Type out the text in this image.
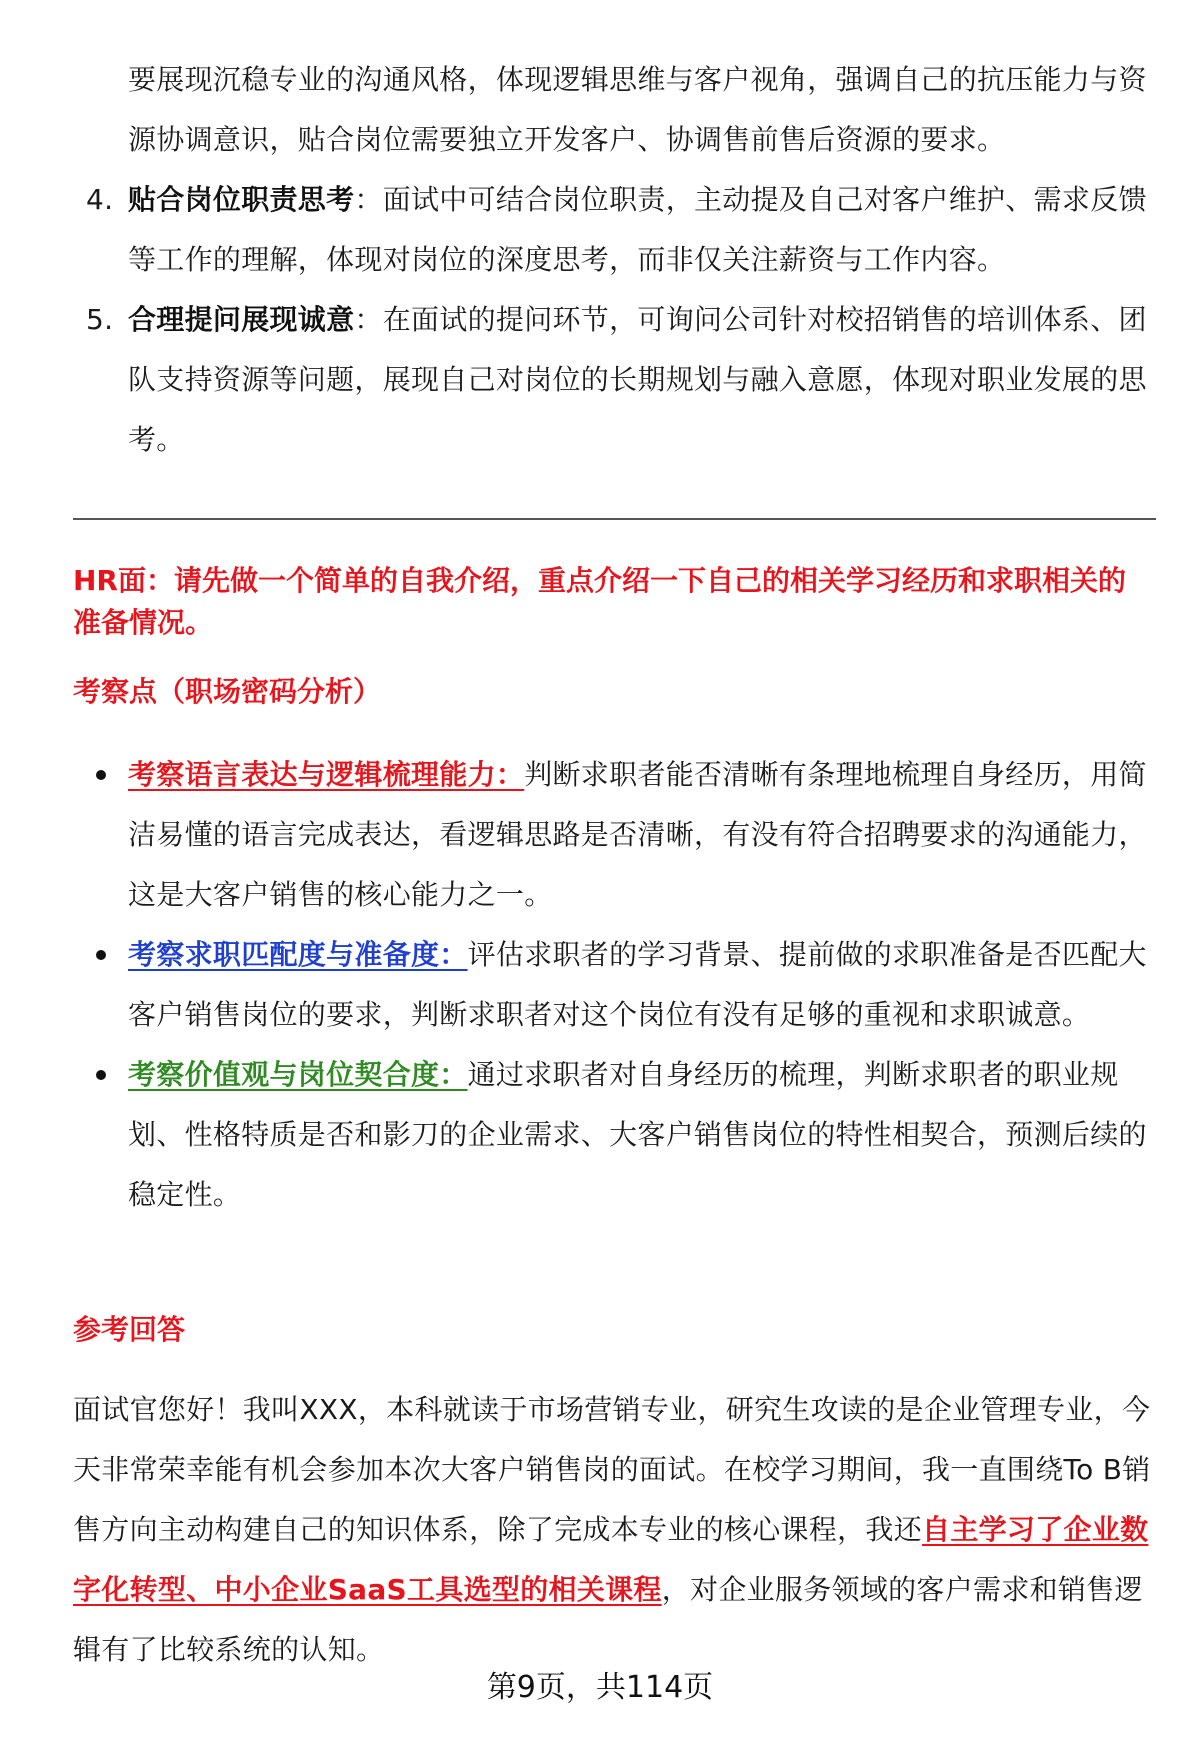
要展现沉稳专业的沟通风格，体现逻辑思维与客户视角，强调自己的抗压能力与资源协调意识，贴合岗位需要独立开发客户、协调售前售后资源的要求。
4. 贴合岗位职责思考：面试中可结合岗位职责，主动提及自己对客户维护、需求反馈等工作的理解，体现对岗位的深度思考，而非仅关注薪资与工作内容。
5. 合理提问展现诚意：在面试的提问环节，可询问公司针对校招销售的培训体系、团队支持资源等问题，展现自己对岗位的长期规划与融入意愿，体现对职业发展的思考。
HR面：请先做一个简单的自我介绍，重点介绍一下自己的相关学习经历和求职相关的准备情况。
考察点（职场密码分析）
考察语言表达与逻辑梳理能力：判断求职者能否清晰有条理地梳理自身经历，用简洁易懂的语言完成表达，看逻辑思路是否清晰，有没有符合招聘要求的沟通能力，这是大客户销售的核心能力之一。
考察求职匹配度与准备度：评估求职者的学习背景、提前做的求职准备是否匹配大客户销售岗位的要求，判断求职者对这个岗位有没有足够的重视和求职诚意。
考察价值观与岗位契合度：通过求职者对自身经历的梳理，判断求职者的职业规划、性格特质是否和影刀的企业需求、大客户销售岗位的特性相契合，预测后续的稳定性。
参考回答
面试官您好！我叫XXX，本科就读于市场营销专业，研究生攻读的是企业管理专业，今天非常荣幸能有机会参加本次大客户销售岗的面试。在校学习期间，我一直围绕To B销售方向主动构建自己的知识体系，除了完成本专业的核心课程，我还自主学习了企业数字化转型、中小企业SaaS工具选型的相关课程，对企业服务领域的客户需求和销售逻辑有了比较系统的认知。
第9页，共114页
